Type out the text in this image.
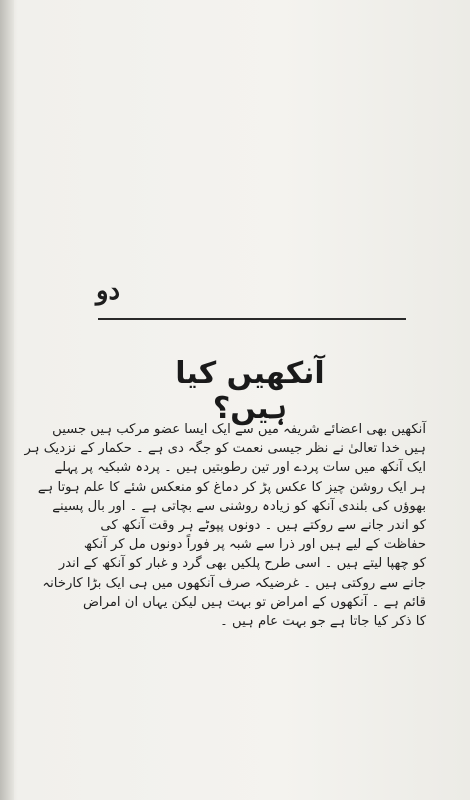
دو
آنکھیں کیا ہیں؟
آنکھیں بھی اعضائے شریفہ میں سے ایک ایسا عضو مرکب ہیں جسیں
ہیں خدا تعالیٰ نے نظر جیسی نعمت کو جگہ دی ہے ۔ حکمار کے نزدیک ہر
ایک آنکھ میں سات پردے اور تین رطوبتیں ہیں ۔ پردہ شبکیہ پر پہلے
ہر ایک روشن چیز کا عکس پڑ کر دماغ کو منعکس شئے کا علم ہوتا ہے
بھوؤں کی بلندی آنکھ کو زیادہ روشنی سے بچاتی ہے ۔ اور بال پسینے
کو اندر جانے سے روکتے ہیں ۔ دونوں پپوٹے ہر وقت آنکھ کی
حفاظت کے لیے ہیں اور ذرا سے شبہ پر فوراً دونوں مل کر آنکھ
کو چھپا لیتے ہیں ۔ اسی طرح پلکیں بھی گرد و غبار کو آنکھ کے اندر
جانے سے روکتی ہیں ۔ غرضیکہ صرف آنکھوں میں ہی ایک بڑا کارخانہ
قائم ہے ۔ آنکھوں کے امراض تو بہت ہیں لیکن یہاں ان امراض
کا ذکر کیا جاتا ہے جو بہت عام ہیں ۔
